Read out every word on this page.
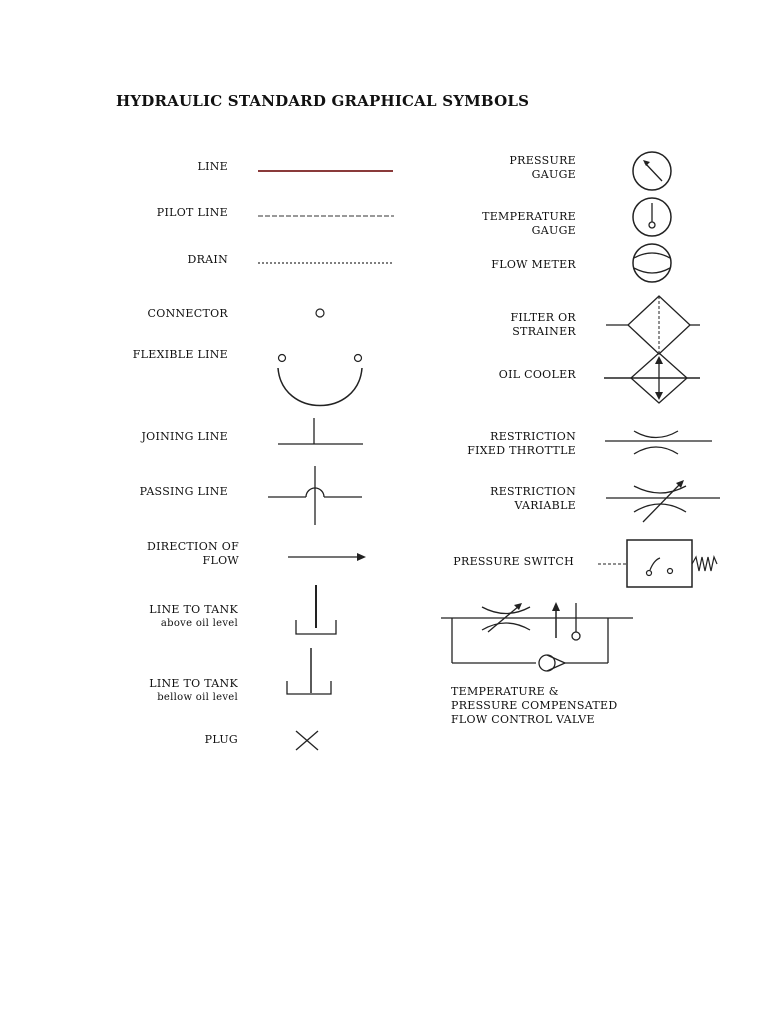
HYDRAULIC STANDARD GRAPHICAL SYMBOLS
LINE
PILOT LINE
DRAIN
CONNECTOR
FLEXIBLE LINE
JOINING LINE
PASSING LINE
DIRECTION OF
FLOW
LINE TO TANK
above oil level
LINE TO TANK
bellow oil level
PLUG
PRESSURE
GAUGE
TEMPERATURE
GAUGE
FLOW METER
FILTER OR
STRAINER
OIL COOLER
RESTRICTION
FIXED THROTTLE
RESTRICTION
VARIABLE
PRESSURE SWITCH
TEMPERATURE &
PRESSURE COMPENSATED
FLOW CONTROL VALVE
